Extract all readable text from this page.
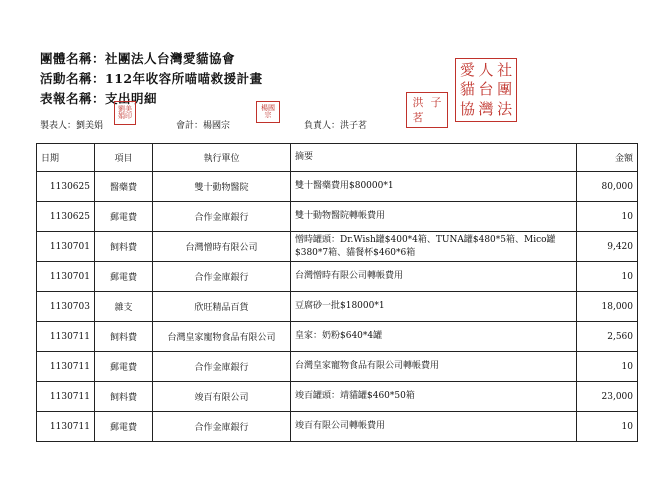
團體名稱：社團法人台灣愛貓協會
活動名稱：112年收容所喵喵救援計畫
表報名稱：支出明細
劉美
娟印
楊國
宗
洪 子
茗
愛 人 社
貓 台 團
協 灣 法
製表人：劉美娟	會計：楊國宗	負責人：洪子茗
日期	項目	執行單位	摘要	金額
1130625	醫藥費	雙十動物醫院	雙十醫藥費用$80000*1	80,000
1130625	郵電費	合作金庫銀行	雙十動物醫院轉帳費用	10
1130701	飼料費	台灣憎時有限公司	憎時罐頭：Dr.Wish罐$400*4箱、TUNA罐$480*5箱、Mico罐$380*7箱、貓餐杯$460*6箱	9,420
1130701	郵電費	合作金庫銀行	台灣憎時有限公司轉帳費用	10
1130703	雜支	欣旺精品百貨	豆腐砂一批$18000*1	18,000
1130711	飼料費	台灣皇家寵物食品有限公司	皇家：奶粉$640*4罐	2,560
1130711	郵電費	合作金庫銀行	台灣皇家寵物食品有限公司轉帳費用	10
1130711	飼料費	竣百有限公司	竣百罐頭：靖貓罐$460*50箱	23,000
1130711	郵電費	合作金庫銀行	竣百有限公司轉帳費用	10
